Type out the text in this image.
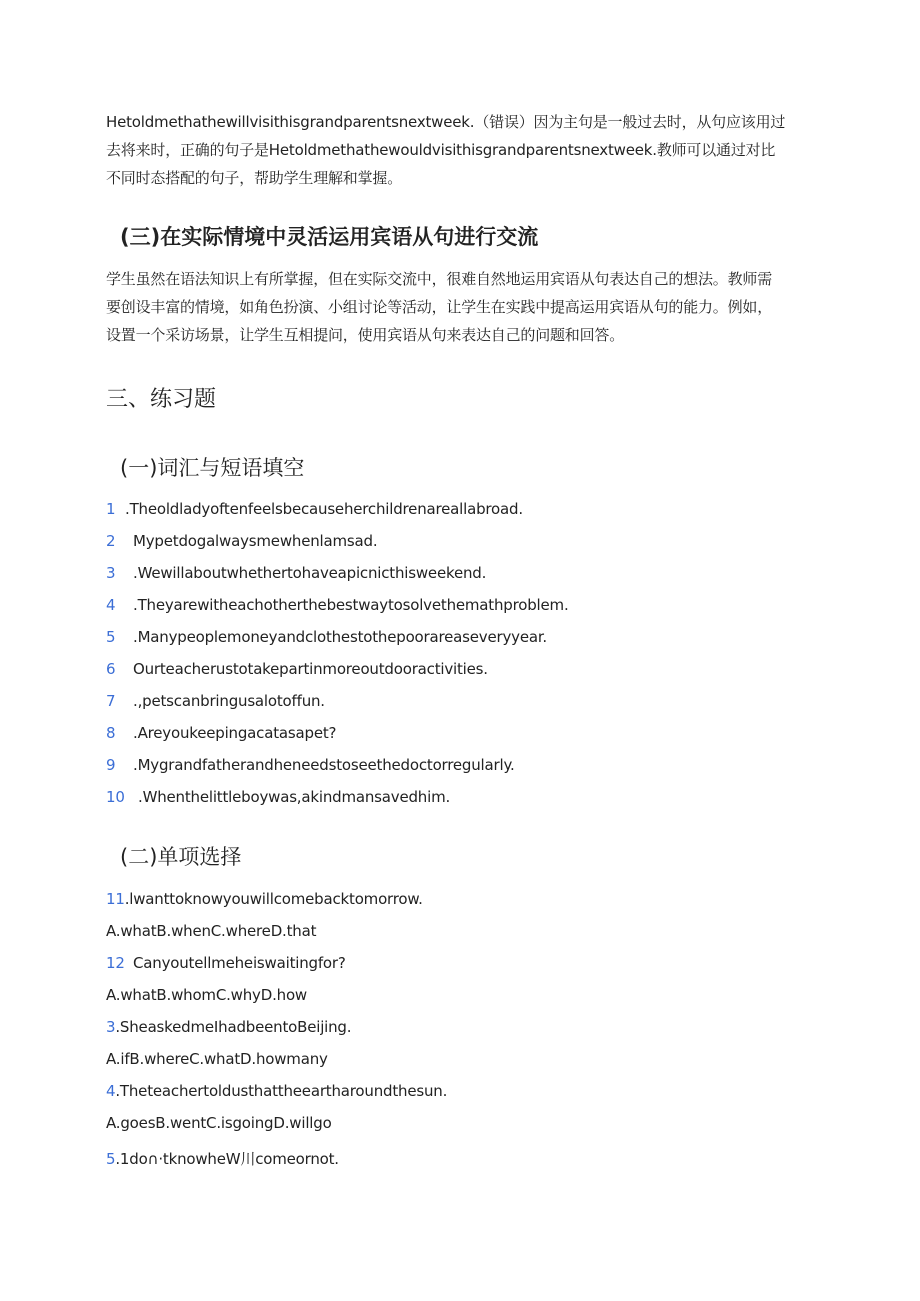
Hetoldmethathewillvisithisgrandparentsnextweek.（错误）因为主句是一般过去时，从句应该用过
去将来时，正确的句子是Hetoldmethathewouldvisithisgrandparentsnextweek.教师可以通过对比
不同时态搭配的句子，帮助学生理解和掌握。

(三)在实际情境中灵活运用宾语从句进行交流

学生虽然在语法知识上有所掌握，但在实际交流中，很难自然地运用宾语从句表达自己的想法。教师需
要创设丰富的情境，如角色扮演、小组讨论等活动，让学生在实践中提高运用宾语从句的能力。例如，
设置一个采访场景，让学生互相提问，使用宾语从句来表达自己的问题和回答。

三、练习题
(一)词汇与短语填空
1 .Theoldladyoftenfeelsbecauseherchildrenareallabroad.
2 Mypetdogalwaysmewhenlamsad.
3 .Wewillaboutwhethertohaveapicnicthisweekend.
4 .Theyarewitheachotherthebestwaytosolvethemathproblem.
5 .Manypeoplemoneyandclothestothepoorareaseveryyear.
6 Ourteacherustotakepartinmoreoutdooractivities.
7 .,petscanbringusalotoffun.
8 .Areyoukeepingacatasapet?
9 .Mygrandfatherandheneedstoseethedoctorregularly.
10 .Whenthelittleboywas,akindmansavedhim.
(二)单项选择
11.lwanttoknowyouwillcomebacktomorrow.
A.whatB.whenC.whereD.that
12 Canyoutellmeheiswaitingfor?
A.whatB.whomC.whyD.how
3.SheaskedmeIhadbeentoBeijing.
A.ifB.whereC.whatD.howmany
4.Theteachertoldusthattheeartharoundthesun.
A.goesB.wentC.isgoingD.willgo
5.1do∩·tknowheW川comeornot.
